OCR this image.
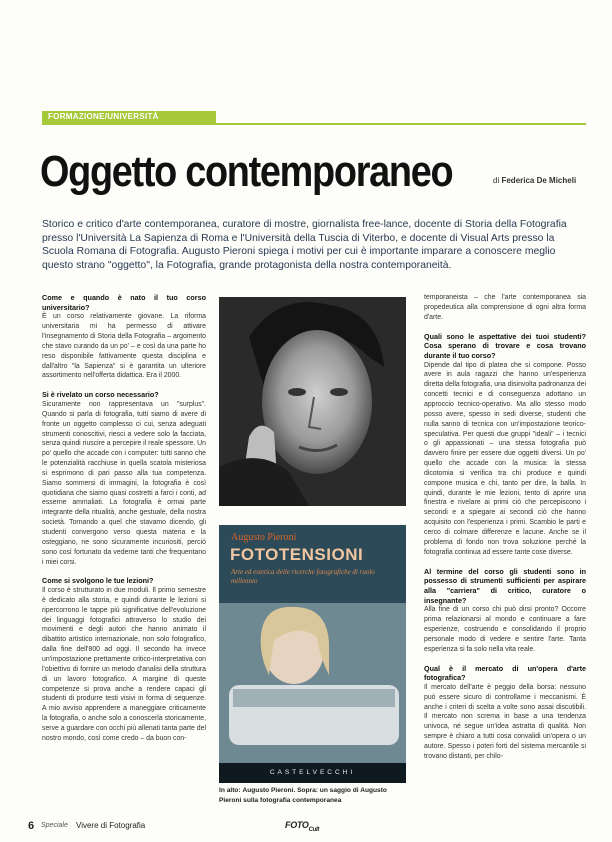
FORMAZIONE/UNIVERSITÀ
Oggetto contemporaneo	di Federica De Micheli
Storico e critico d'arte contemporanea, curatore di mostre, giornalista free-lance, docente di Storia della Fotografia presso l'Università La Sapienza di Roma e l'Università della Tuscia di Viterbo, e docente di Visual Arts presso la Scuola Romana di Fotografia. Augusto Pieroni spiega i motivi per cui è importante imparare a conoscere meglio questo strano "oggetto", la Fotografia, grande protagonista della nostra contemporaneità.
Come e quando è nato il tuo corso universitario?

È un corso relativamente giovane. La riforma universitaria mi ha permesso di attivare l'insegnamento di Storia della Fotografia – argomento che stavo curando da un po' – e così da una parte ho reso disponibile fattivamente questa disciplina e dall'altro "la Sapienza" si è garantita un ulteriore assortimento nell'offerta didattica. Era il 2000.

Si è rivelato un corso necessario?

Sicuramente non rappresentava un "surplus". Quando si parla di fotografia, tutti siamo di avere di fronte un oggetto complesso ci cui, senza adeguati strumenti conoscitivi, riesci a vedere solo la facciata, senza quindi riuscire a percepire il reale spessore. Un po' quello che accade con i computer: tutti sanno che le potenzialità racchiuse in quella scatola misteriosa si esprimono di pari passo alla tua competenza. Siamo sommersi di immagini, la fotografia è così quotidiana che siamo quasi costretti a farci i conti, ad esserne ammaliati. La fotografia è ormai parte integrante della ritualità, anche gestuale, della nostra società. Tornando a quel che stavamo dicendo, gli studenti convergono verso questa materia e la osteggiano, ne sono sicuramente incuriositi, perciò sono così fortunato da vederne tanti che frequentano i miei corsi.

Come si svolgono le tue lezioni?

Il corso è strutturato in due moduli. Il primo semestre è dedicato alla storia, e quindi durante le lezioni si ripercorrono le tappe più significative dell'evoluzione dei linguaggi fotografici attraverso lo studio dei movimenti e degli autori che hanno animato il dibattito artistico internazionale, non solo fotografico, dalla fine dell'800 ad oggi. Il secondo ha invece un'impostazione prettamente critico-interpretativa con l'obiettivo di fornire un metodo d'analisi della struttura di un lavoro fotografico. A margine di queste competenze si prova anche a rendere capaci gli studenti di produrre testi visivi in forma di sequenze. A mio avviso apprendere a maneggiare criticamente la fotografia, o anche solo a conoscerla storicamente, serve a guardare con occhi più allenati tanta parte del nostro mondo, così come credo – da buon con-

Augusto Pieroni
FOTOTENSIONI
Arte ed estetica delle ricerche fotografiche di ruolo millennio
CASTELVECCHI
In alto: Augusto Pieroni. Sopra: un saggio di Augusto Pieroni sulla fotografia contemporanea

temporaneista – che l'arte contemporanea sia propedeutica alla comprensione di ogni altra forma d'arte.

Quali sono le aspettative dei tuoi studenti? Cosa sperano di trovare e cosa trovano durante il tuo corso?

Dipende dal tipo di platea che si compone. Posso avere in aula ragazzi che hanno un'esperienza diretta della fotografia, una disinvolta padronanza dei concetti tecnici e di conseguenza adottano un approccio tecnico-operativo. Ma allo stesso modo posso avere, spesso in sedi diverse, studenti che nulla sanno di tecnica con un'impostazione teorico-speculativa. Per questi due gruppi "ideali" – i tecnici o gli appassionati – una stessa fotografia può davvero finire per essere due oggetti diversi. Un po' quello che accade con la musica: la stessa dicotomia si verifica tra chi produce e quindi compone musica e chi, tanto per dire, la balla. In quindi, durante le mie lezioni, tento di aprire una finestra e rivelare ai primi ciò che percepiscono i secondi e a spiegare ai secondi ciò che hanno acquisito con l'esperienza i primi. Scambio le parti e cerco di colmare differenze e lacune. Anche se il problema di fondo non trova soluzione perché la fotografia continua ad essere tante cose diverse.

Al termine del corso gli studenti sono in possesso di strumenti sufficienti per aspirare alla "carriera" di critico, curatore o insegnante?

Alla fine di un corso chi può dirsi pronto? Occorre prima relazionarsi al mondo e continuare a fare esperienze, costruendo e consolidando il proprio personale modo di vedere e sentire l'arte. Tanta esperienza si fa solo nella vita reale.

Qual è il mercato di un'opera d'arte fotografica?

Il mercato dell'arte è peggio della borsa: nessuno può essere sicuro di controllarne i meccanismi. È anche i criteri di scelta a volte sono assai discutibili. Il mercato non scremа in base a una tendenza univoca, né segue un'idea astratta di qualità. Non sempre è chiaro a tutti cosa convalidi un'opera o un autore. Spesso i poteri forti del sistema mercantile si trovano distanti, per chilo-

6 Speciale Vivere di Fotografia	$FOTO_{Cult}$
